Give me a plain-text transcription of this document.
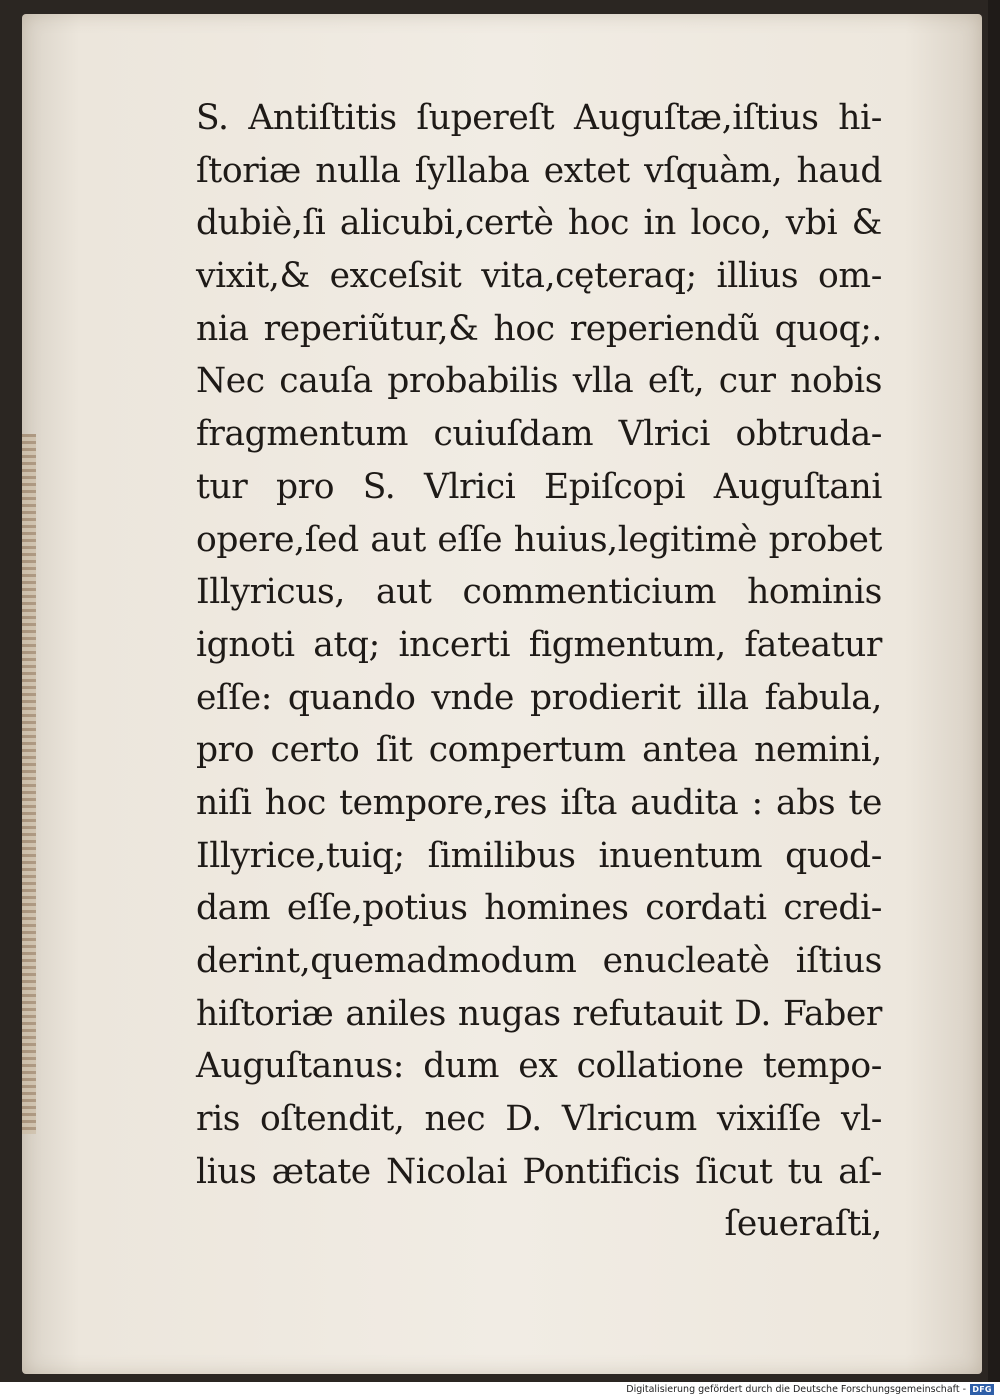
S. Antiſtitis ſupereſt Auguſtæ,iſtius hi-
ſtoriæ nulla ſyllaba extet vſquàm, haud
dubiè,ſi alicubi,certè hoc in loco, vbi &
vixit,& exceſsit vita,cęteraq; illius om-
nia reperiũtur,& hoc reperiendũ quoq;.
Nec cauſa probabilis vlla eſt, cur nobis
fragmentum cuiuſdam Vlrici obtruda-
tur pro S. Vlrici Epiſcopi Auguſtani
opere,ſed aut eſſe huius,legitimè probet
Illyricus, aut commenticium hominis
ignoti atq; incerti figmentum, fateatur
eſſe: quando vnde prodierit illa fabula,
pro certo ſit compertum antea nemini,
niſi hoc tempore,res iſta audita : abs te
Illyrice,tuiq; ſimilibus inuentum quod-
dam eſſe,potius homines cordati credi-
derint,quemadmodum enucleatè iſtius
hiſtoriæ aniles nugas refutauit D. Faber
Auguſtanus: dum ex collatione tempo-
ris oſtendit, nec D. Vlricum vixiſſe vl-
lius ætate Nicolai Pontificis ſicut tu aſ-
ſeueraſti,
Digitalisierung gefördert durch die Deutsche Forschungsgemeinschaft - DFG
